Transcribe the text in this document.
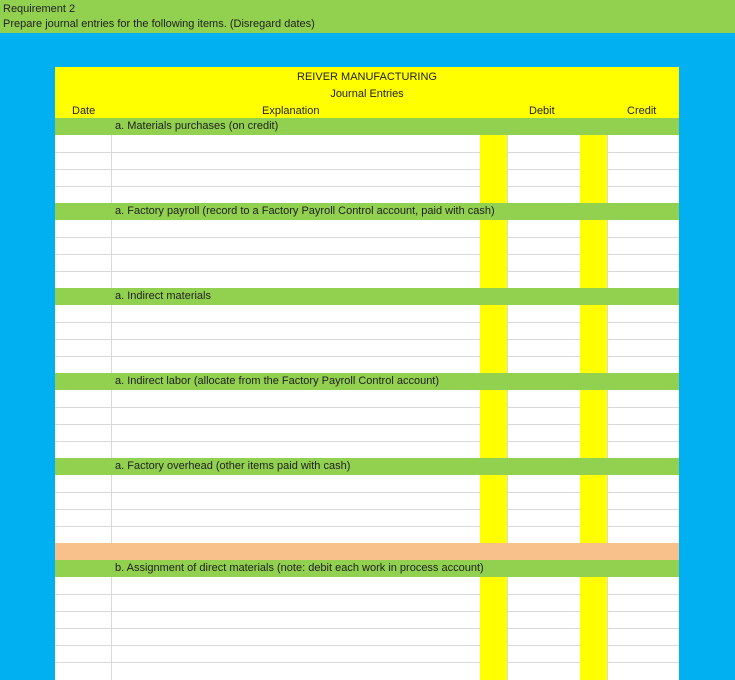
Requirement 2
Prepare journal entries for the following items. (Disregard dates)
REIVER MANUFACTURING
Journal Entries
Date	Explanation	Debit	Credit
a. Materials purchases (on credit)
a. Factory payroll (record to a Factory Payroll Control account, paid with cash)
a. Indirect materials
a. Indirect labor (allocate from the Factory Payroll Control account)
a. Factory overhead (other items paid with cash)
b. Assignment of direct materials (note: debit each work in process account)
